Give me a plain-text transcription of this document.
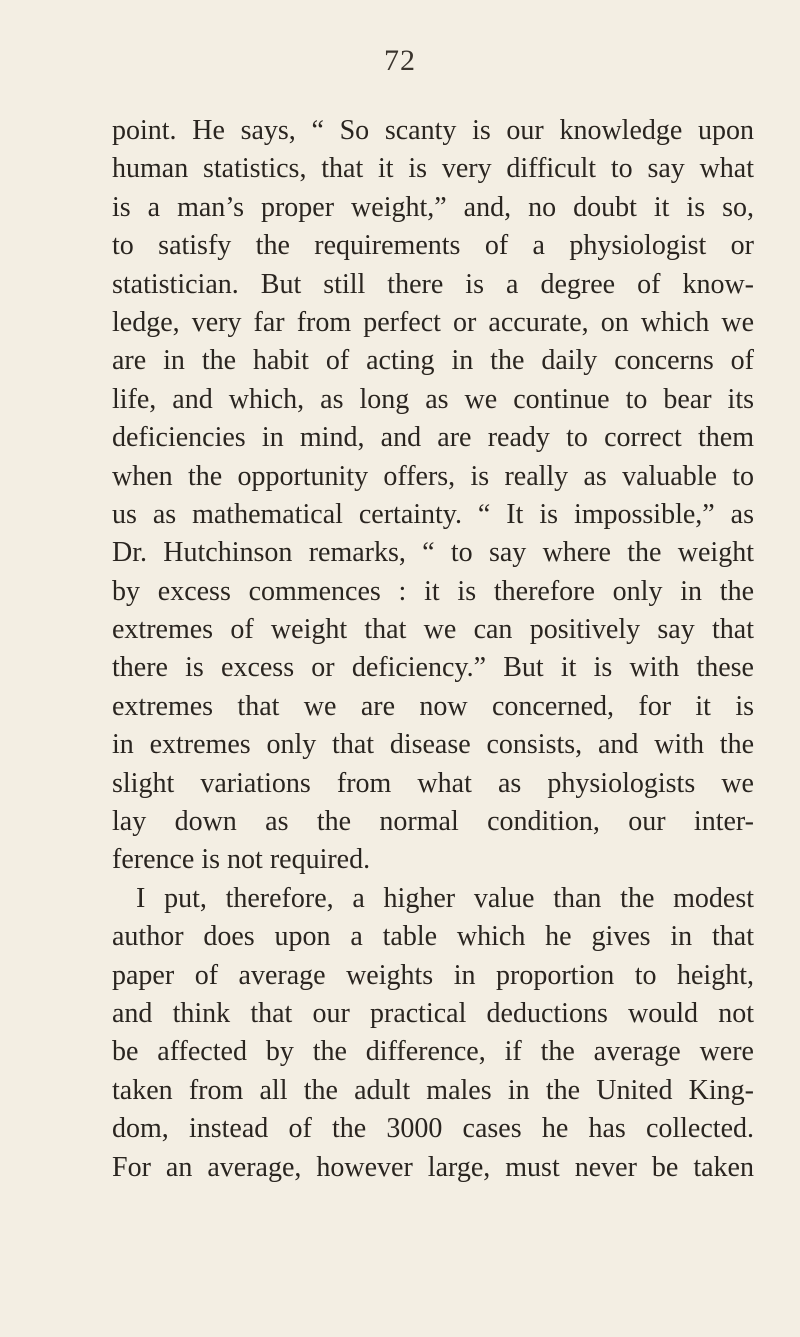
72
point. He says, “ So scanty is our knowledge upon
human statistics, that it is very difficult to say what
is a man’s proper weight,” and, no doubt it is so,
to satisfy the requirements of a physiologist or
statistician. But still there is a degree of know-
ledge, very far from perfect or accurate, on which we
are in the habit of acting in the daily concerns of
life, and which, as long as we continue to bear its
deficiencies in mind, and are ready to correct them
when the opportunity offers, is really as valuable to
us as mathematical certainty. “ It is impossible,” as
Dr. Hutchinson remarks, “ to say where the weight
by excess commences : it is therefore only in the
extremes of weight that we can positively say that
there is excess or deficiency.” But it is with these
extremes that we are now concerned, for it is
in extremes only that disease consists, and with the
slight variations from what as physiologists we
lay down as the normal condition, our inter-
ference is not required.
I put, therefore, a higher value than the modest
author does upon a table which he gives in that
paper of average weights in proportion to height,
and think that our practical deductions would not
be affected by the difference, if the average were
taken from all the adult males in the United King-
dom, instead of the 3000 cases he has collected.
For an average, however large, must never be taken
